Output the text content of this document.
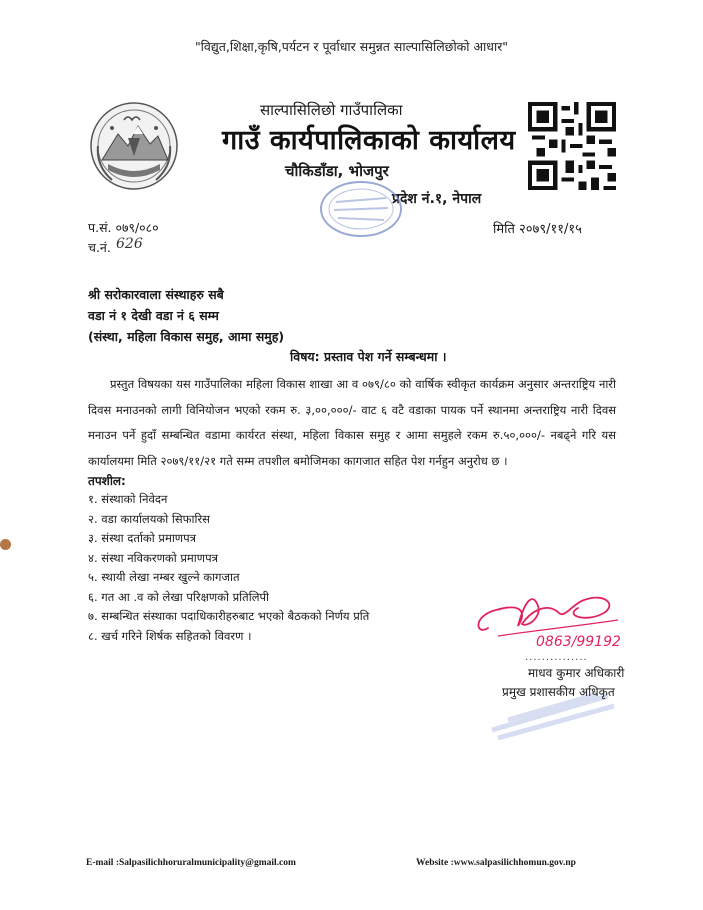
"विद्युत,शिक्षा,कृषि,पर्यटन र पूर्वाधार समुन्नत साल्पासिलिछोको आधार"
साल्पासिलिछो गाउँपालिका
गाउँ कार्यपालिकाको कार्यालय
चौकिडाँडा, भोजपुर
प्रदेश नं.१, नेपाल
प.सं. ०७९/०८०
च.नं. 626
मिति २०७९/११/१५
श्री सरोकारवाला संस्थाहरु सबै
वडा नं १ देखी वडा नं ६ सम्म
(संस्था, महिला विकास समुह, आमा समुह)
विषय: प्रस्ताव पेश गर्ने सम्बन्धमा ।
प्रस्तुत विषयका यस गाउँपालिका महिला विकास शाखा आ व ०७९/८० को वार्षिक स्वीकृत कार्यक्रम अनुसार अन्तराष्ट्रिय नारी दिवस मनाउनको लागी विनियोजन भएको रकम रु. ३,००,०००/- वाट ६ वटै वडाका पायक पर्ने स्थानमा अन्तराष्ट्रिय नारी दिवस मनाउन पर्ने हुदाँ सम्बन्धित वडामा कार्यरत संस्था, महिला विकास समुह र आमा समुहले रकम रु.५०,०००/- नबढ्ने गरि यस कार्यालयमा मिति २०७९/११/२१ गते सम्म तपशील बमोजिमका कागजात सहित पेश गर्नहुन अनुरोध छ ।
तपशील:
१. संस्थाको निवेदन
२. वडा कार्यालयको सिफारिस
३. संस्था दर्ताको प्रमाणपत्र
४. संस्था नविकरणको प्रमाणपत्र
५. स्थायी लेखा नम्बर खुल्ने कागजात
६. गत आ .व को लेखा परिक्षणको प्रतिलिपी
७. सम्बन्धित संस्थाका पदाधिकारीहरुबाट भएको बैठकको निर्णय प्रति
८. खर्च गरिने शिर्षक सहितको विवरण ।	0863/99192
...............
माधव कुमार अधिकारी
प्रमुख प्रशासकीय अधिकृत
E-mail :Salpasilichhoruralmunicipality@gmail.com	Website :www.salpasilichhomun.gov.np
